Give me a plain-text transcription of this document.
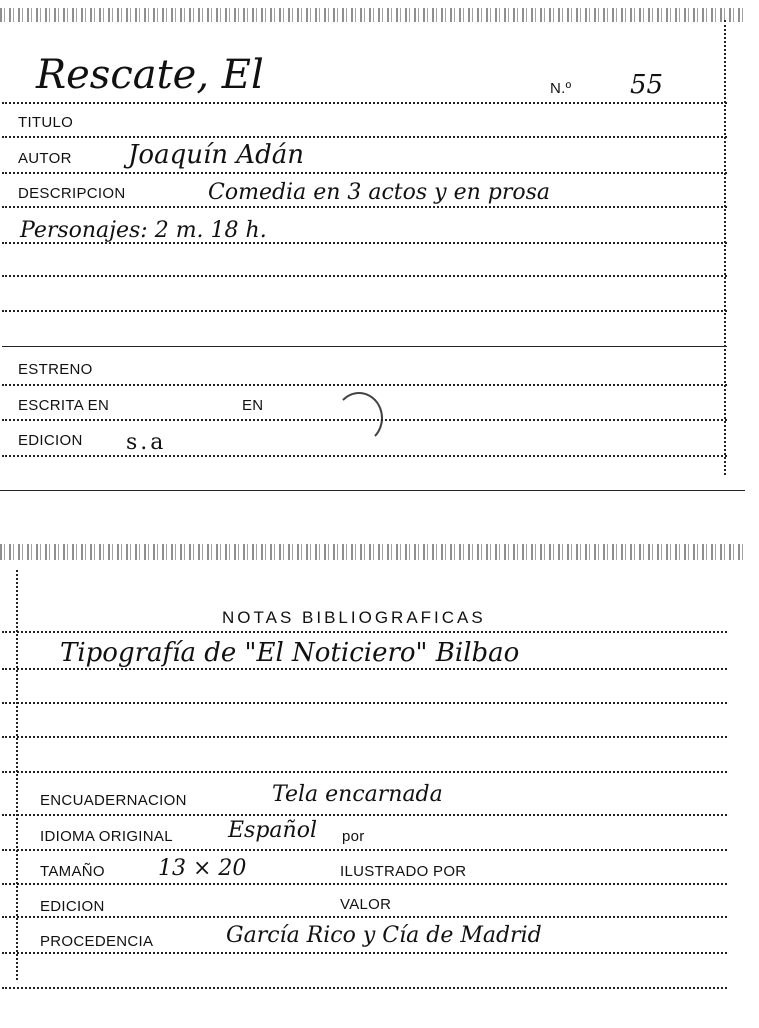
Rescate, El	N.º 55
TITULO
AUTOR Joaquín Adán
DESCRIPCION	Comedia en 3 actos y en prosa
Personajes: 2 m. 18 h.
ESTRENO
ESCRITA EN	EN
EDICION s.a
NOTAS BIBLIOGRAFICAS
Tipografía de "El Noticiero" Bilbao
ENCUADERNACION	Tela encarnada
IDIOMA ORIGINAL	Español por
TAMAÑO 13 × 20	ILUSTRADO POR
EDICION	VALOR
PROCEDENCIA	García Rico y Cía de Madrid
